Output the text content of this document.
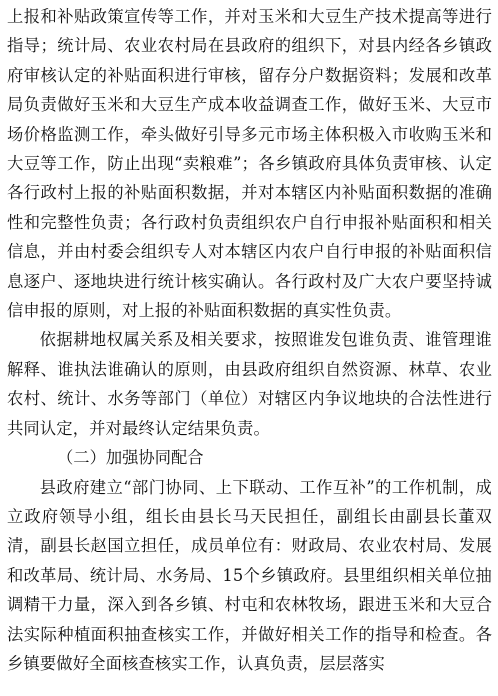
上报和补贴政策宣传等工作，并对玉米和大豆生产技术提高等进行指导；统计局、农业农村局在县政府的组织下，对县内经各乡镇政府审核认定的补贴面积进行审核，留存分户数据资料；发展和改革局负责做好玉米和大豆生产成本收益调查工作，做好玉米、大豆市场价格监测工作，牵头做好引导多元市场主体积极入市收购玉米和大豆等工作，防止出现“卖粮难”；各乡镇政府具体负责审核、认定各行政村上报的补贴面积数据，并对本辖区内补贴面积数据的准确性和完整性负责；各行政村负责组织农户自行申报补贴面积和相关信息，并由村委会组织专人对本辖区内农户自行申报的补贴面积信息逐户、逐地块进行统计核实确认。各行政村及广大农户要坚持诚信申报的原则，对上报的补贴面积数据的真实性负责。

依据耕地权属关系及相关要求，按照谁发包谁负责、谁管理谁解释、谁执法谁确认的原则，由县政府组织自然资源、林草、农业农村、统计、水务等部门（单位）对辖区内争议地块的合法性进行共同认定，并对最终认定结果负责。

（二）加强协同配合

县政府建立“部门协同、上下联动、工作互补”的工作机制，成立政府领导小组，组长由县长马天民担任，副组长由副县长董双清，副县长赵国立担任，成员单位有：财政局、农业农村局、发展和改革局、统计局、水务局、15个乡镇政府。县里组织相关单位抽调精干力量，深入到各乡镇、村屯和农林牧场，跟进玉米和大豆合法实际种植面积抽查核实工作，并做好相关工作的指导和检查。各乡镇要做好全面核查核实工作，认真负责，层层落实
